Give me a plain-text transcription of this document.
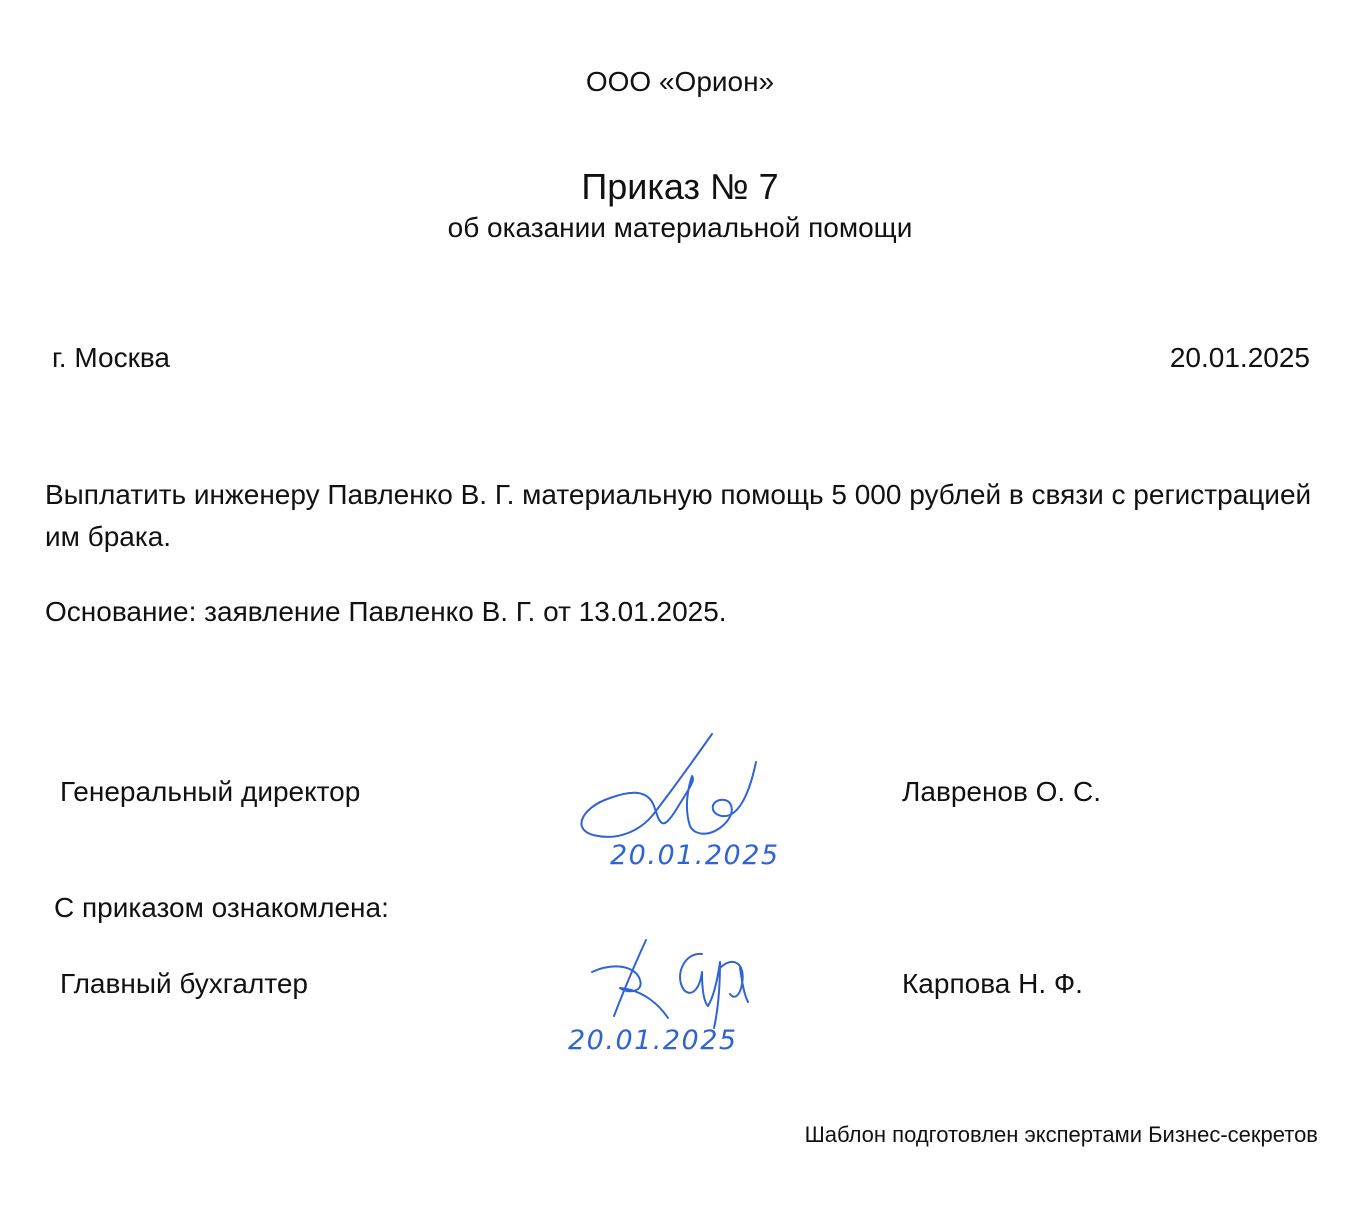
ООО «Орион»
Приказ № 7
об оказании материальной помощи
г. Москва	20.01.2025
Выплатить инженеру Павленко В. Г. материальную помощь 5 000 рублей в связи с регистрацией им брака.
Основание: заявление Павленко В. Г. от 13.01.2025.
Генеральный директор
20.01.2025
Лавренов О. С.
С приказом ознакомлена:
Главный бухгалтер
20.01.2025
Карпова Н. Ф.
Шаблон подготовлен экспертами Бизнес-секретов
